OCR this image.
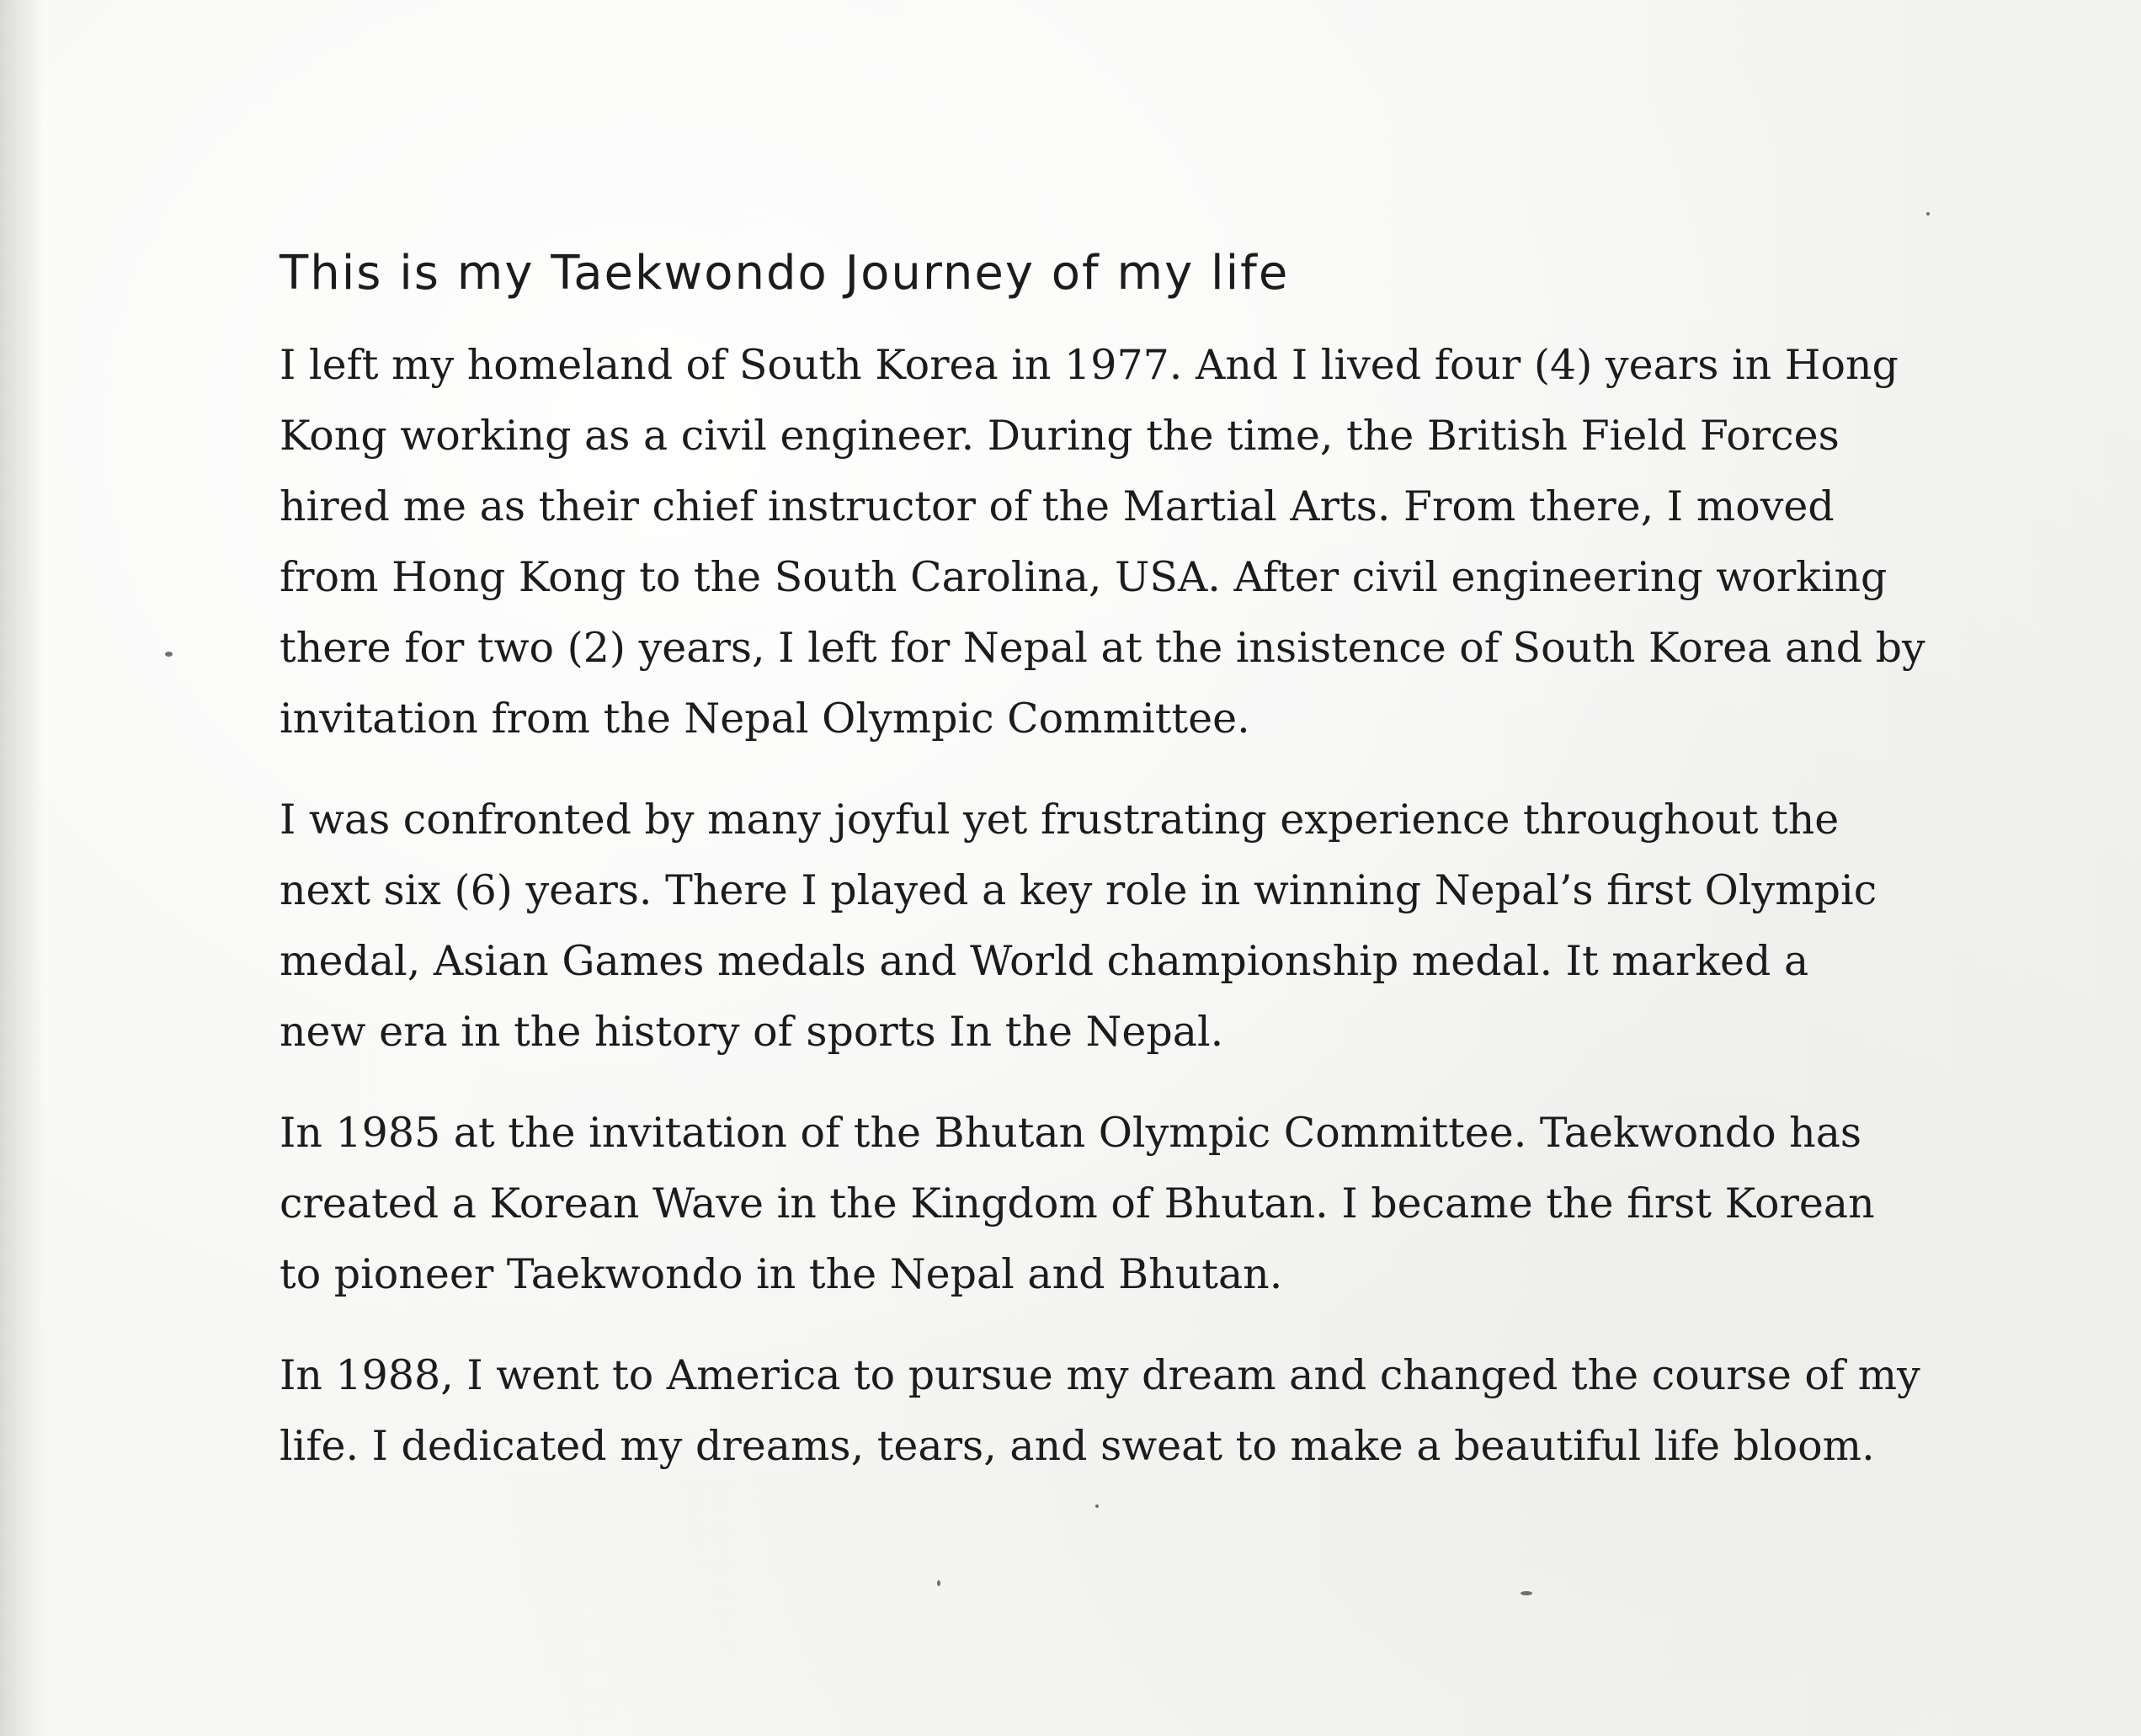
This is my Taekwondo Journey of my life

I left my homeland of South Korea in 1977. And I lived four (4) years in Hong
Kong working as a civil engineer. During the time, the British Field Forces
hired me as their chief instructor of the Martial Arts. From there, I moved
from Hong Kong to the South Carolina, USA. After civil engineering working
there for two (2) years, I left for Nepal at the insistence of South Korea and by
invitation from the Nepal Olympic Committee.

I was confronted by many joyful yet frustrating experience throughout the
next six (6) years. There I played a key role in winning Nepal’s first Olympic
medal, Asian Games medals and World championship medal. It marked a
new era in the history of sports In the Nepal.

In 1985 at the invitation of the Bhutan Olympic Committee. Taekwondo has
created a Korean Wave in the Kingdom of Bhutan. I became the first Korean
to pioneer Taekwondo in the Nepal and Bhutan.

In 1988, I went to America to pursue my dream and changed the course of my
life. I dedicated my dreams, tears, and sweat to make a beautiful life bloom.
